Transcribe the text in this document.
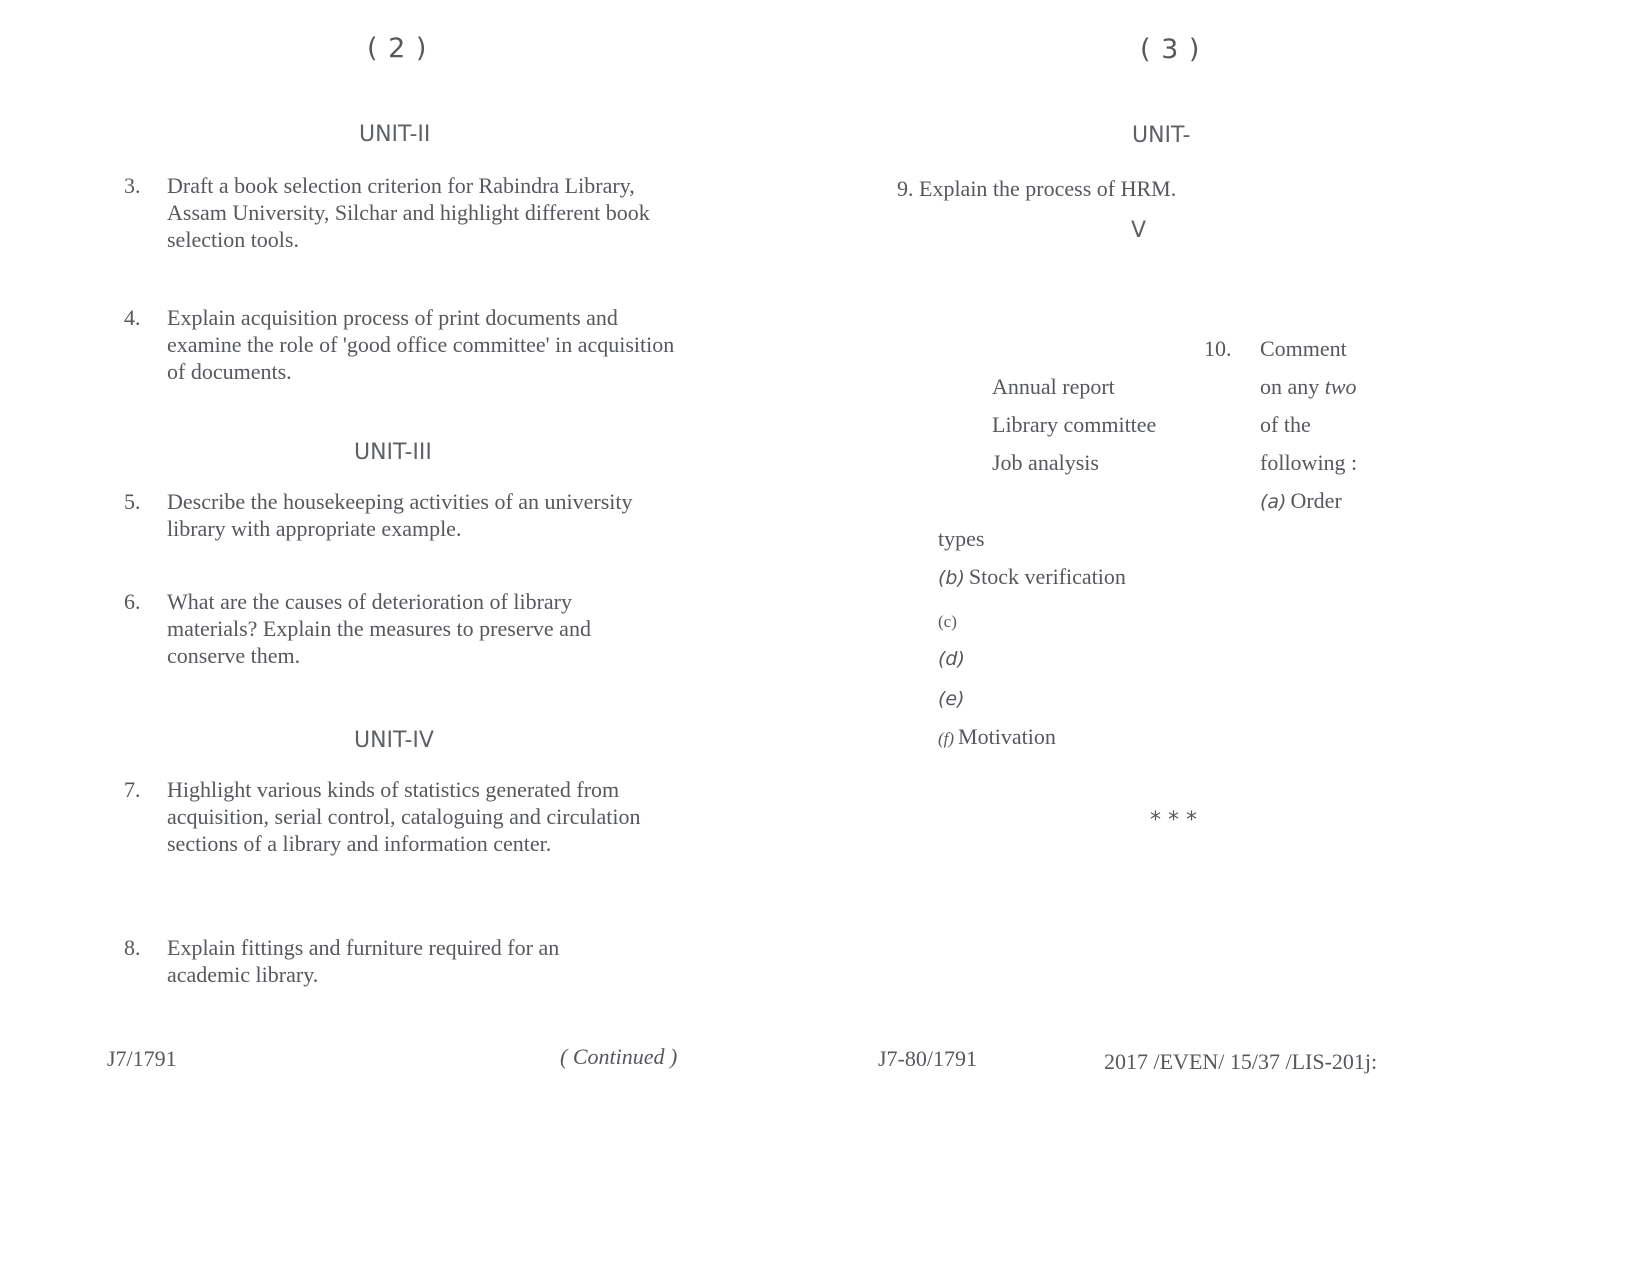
( 2 )
UNIT-II
3. Draft a book selection criterion for Rabindra Library, Assam University, Silchar and highlight different book selection tools.
4. Explain acquisition process of print documents and examine the role of 'good office committee' in acquisition of documents.
UNIT-III
5. Describe the housekeeping activities of an university library with appropriate example.
6. What are the causes of deterioration of library materials? Explain the measures to preserve and conserve them.
UNIT-IV
7. Highlight various kinds of statistics generated from acquisition, serial control, cataloguing and circulation sections of a library and information center.
8. Explain fittings and furniture required for an academic library.
J7/1791	( Continued )
( 3 )
UNIT-
9. Explain the process of HRM.
V
10. Comment
on any two
of the
following :
(a) Order
Annual report
Library committee
Job analysis
types
(b) Stock verification
(c)
(d)
(e)
(f) Motivation
* * *
J7-80/1791	2017 /EVEN/ 15/37 /LIS-201j:
